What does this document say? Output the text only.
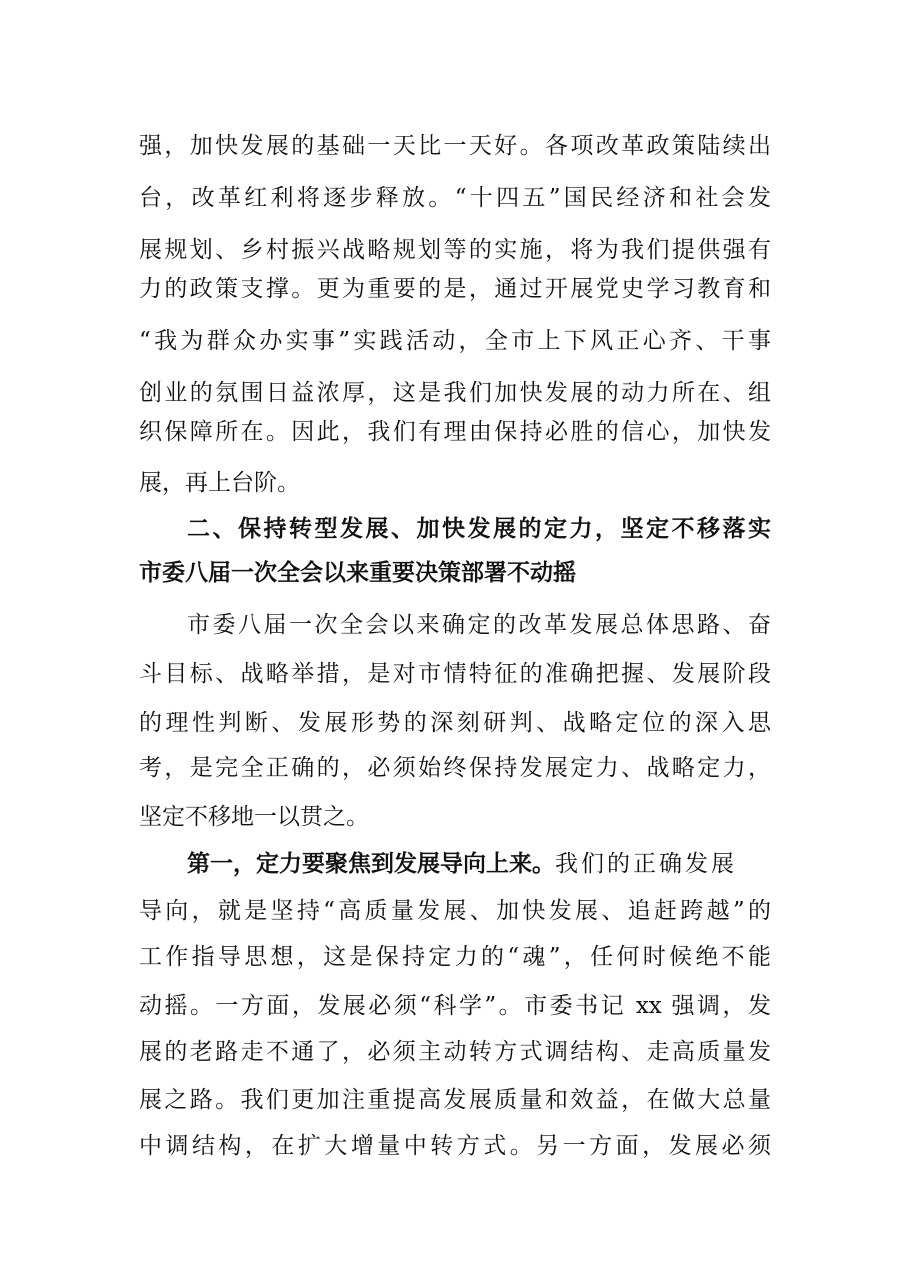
强，加快发展的基础一天比一天好。各项改革政策陆续出
台，改革红利将逐步释放。“十四五”国民经济和社会发
展规划、乡村振兴战略规划等的实施，将为我们提供强有
力的政策支撑。更为重要的是，通过开展党史学习教育和
“我为群众办实事”实践活动，全市上下风正心齐、干事
创业的氛围日益浓厚，这是我们加快发展的动力所在、组
织保障所在。因此，我们有理由保持必胜的信心，加快发
展，再上台阶。
二、保持转型发展、加快发展的定力，坚定不移落实
市委八届一次全会以来重要决策部署不动摇
市委八届一次全会以来确定的改革发展总体思路、奋
斗目标、战略举措，是对市情特征的准确把握、发展阶段
的理性判断、发展形势的深刻研判、战略定位的深入思
考，是完全正确的，必须始终保持发展定力、战略定力，
坚定不移地一以贯之。
第一，定力要聚焦到发展导向上来。我们的正确发展
导向，就是坚持“高质量发展、加快发展、追赶跨越”的
工作指导思想，这是保持定力的“魂”，任何时候绝不能
动摇。一方面，发展必须“科学”。市委书记 xx 强调，发
展的老路走不通了，必须主动转方式调结构、走高质量发
展之路。我们更加注重提高发展质量和效益，在做大总量
中调结构，在扩大增量中转方式。另一方面，发展必须
